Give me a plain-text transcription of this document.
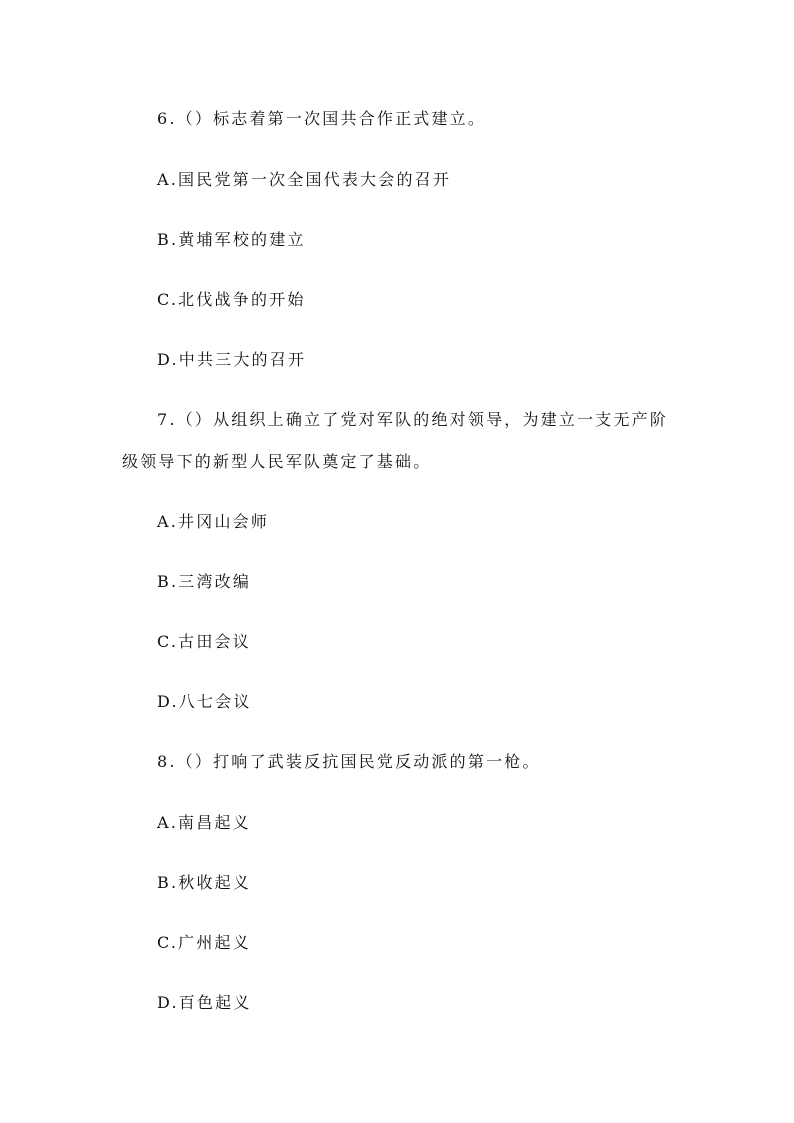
6.（）标志着第一次国共合作正式建立。
A.国民党第一次全国代表大会的召开
B.黄埔军校的建立
C.北伐战争的开始
D.中共三大的召开
7.（）从组织上确立了党对军队的绝对领导，为建立一支无产阶
级领导下的新型人民军队奠定了基础。
A.井冈山会师
B.三湾改编
C.古田会议
D.八七会议
8.（）打响了武装反抗国民党反动派的第一枪。
A.南昌起义
B.秋收起义
C.广州起义
D.百色起义
